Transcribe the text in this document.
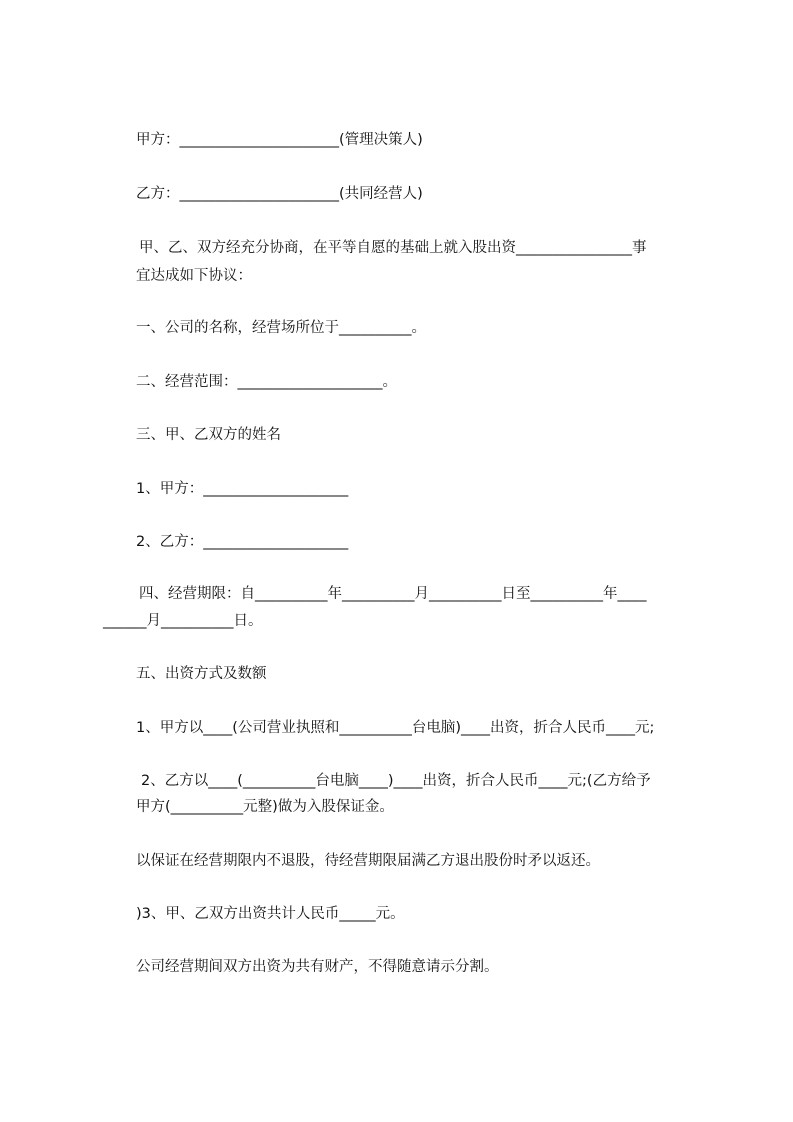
甲方：______________________(管理决策人)

乙方：______________________(共同经营人)

甲、乙、双方经充分协商，在平等自愿的基础上就入股出资________________事

宜达成如下协议：

一、公司的名称，经营场所位于__________。

二、经营范围：____________________。

三、甲、乙双方的姓名

1、甲方：____________________

2、乙方：____________________

四、经营期限：自__________年__________月__________日至__________年____

______月__________日。

五、出资方式及数额

1、甲方以____(公司营业执照和__________台电脑)____出资，折合人民币____元;

2、乙方以____(__________台电脑____)____出资，折合人民币____元;(乙方给予

甲方(__________元整)做为入股保证金。

以保证在经营期限内不退股，待经营期限届满乙方退出股份时矛以返还。

)3、甲、乙双方出资共计人民币_____元。

公司经营期间双方出资为共有财产，不得随意请示分割。
